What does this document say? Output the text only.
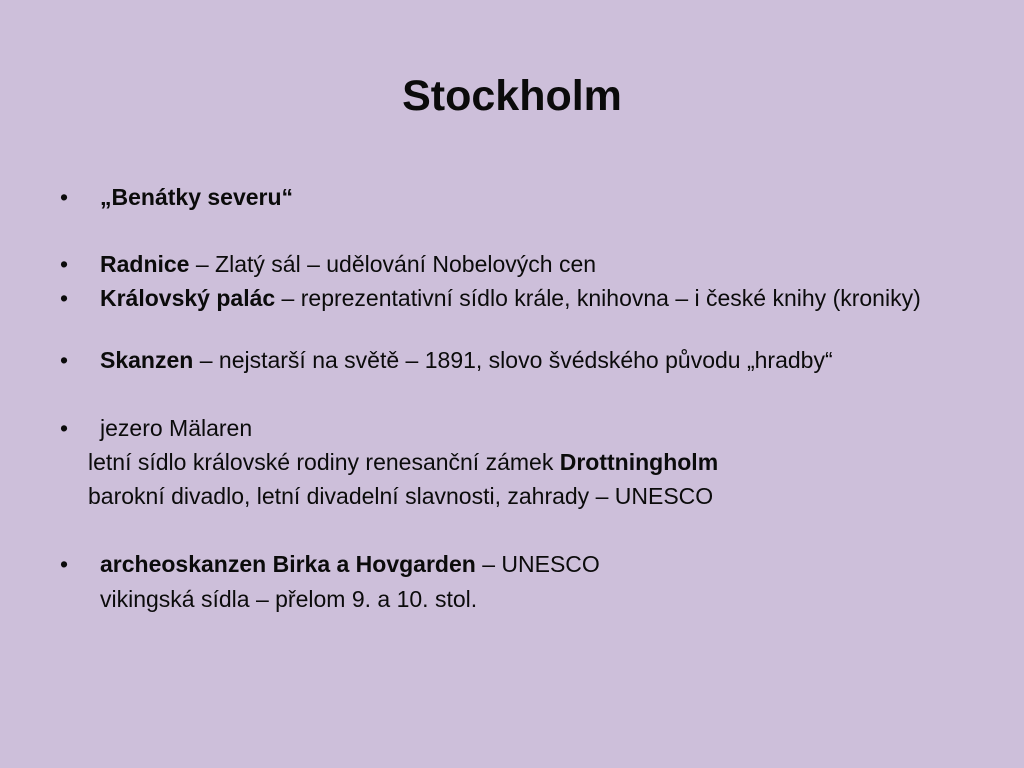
Stockholm
• „Benátky severu“
• Radnice – Zlatý sál – udělování Nobelových cen
• Královský palác – reprezentativní sídlo krále, knihovna – i české knihy (kroniky)
• Skanzen – nejstarší na světě – 1891, slovo švédského původu „hradby“
• jezero Mälaren
letní sídlo královské rodiny renesanční zámek Drottningholm
barokní divadlo, letní divadelní slavnosti, zahrady – UNESCO
• archeoskanzen Birka a Hovgarden – UNESCO
vikingská sídla – přelom 9. a 10. stol.
